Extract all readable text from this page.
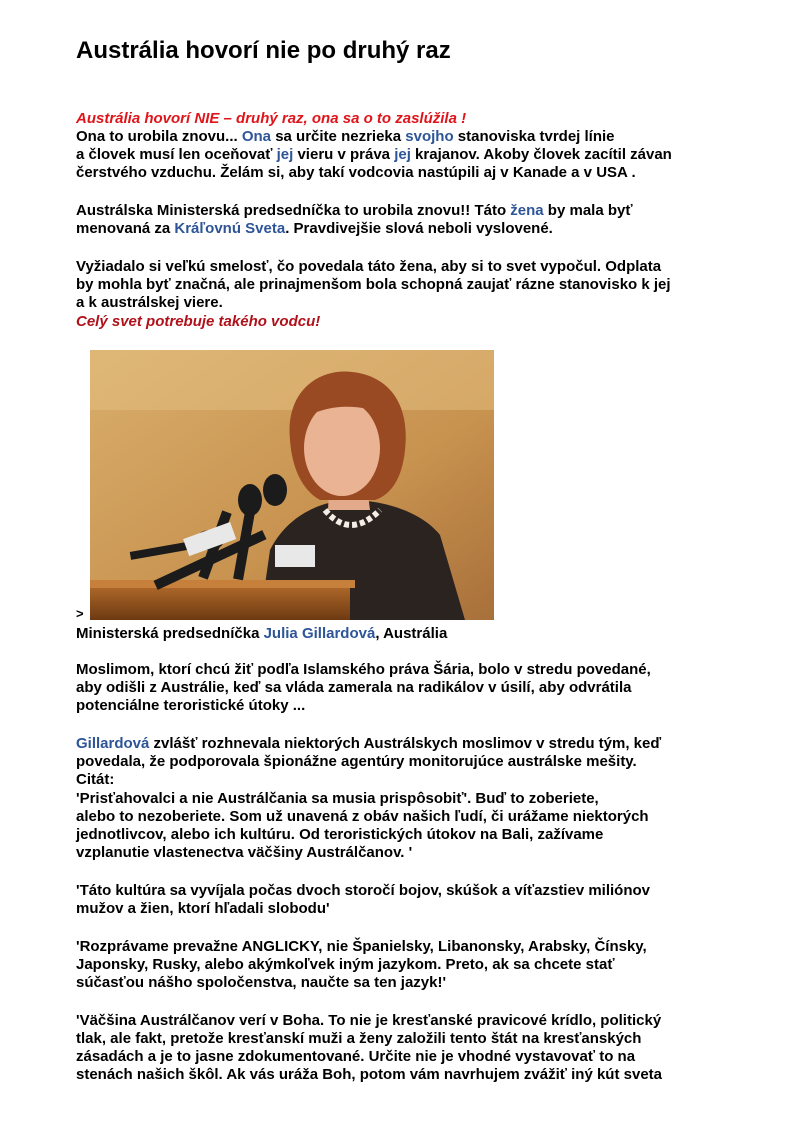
Austrália hovorí nie po druhý raz
Austrália hovorí NIE – druhý raz, ona sa o to zaslúžila !
Ona to urobila znovu... Ona sa určite nezrieka svojho stanoviska tvrdej línie
a človek musí len oceňovať jej vieru v práva jej krajanov. Akoby človek zacítil závan
čerstvého vzduchu. Želám si, aby takí vodcovia nastúpili aj v Kanade a v USA .
Austrálska Ministerská predsedníčka to urobila znovu!! Táto žena by mala byť
menovaná za Kráľovnú Sveta. Pravdivejšie slová neboli vyslovené.
Vyžiadalo si veľkú smelosť, čo povedala táto žena, aby si to svet vypočul. Odplata
by mohla byť značná, ale prinajmenšom bola schopná zaujať rázne stanovisko k jej
a k austrálskej viere.
Celý svet potrebuje takého vodcu!
>
Ministerská predsedníčka Julia Gillardová, Austrália
Moslimom, ktorí chcú žiť podľa Islamského práva Šária, bolo v stredu povedané,
aby odišli z Austrálie, keď sa vláda zamerala na radikálov v úsilí, aby odvrátila
potenciálne teroristické útoky ...
Gillardová zvlášť rozhnevala niektorých Austrálskych moslimov v stredu tým, keď
povedala, že podporovala špionážne agentúry monitorujúce austrálske mešity.
Citát:
'Prisťahovalci a nie Austrálčania sa musia prispôsobiť'. Buď to zoberiete,
alebo to nezoberiete. Som už unavená z obáv našich ľudí, či urážame niektorých
jednotlivcov, alebo ich kultúru. Od teroristických útokov na Bali, zažívame
vzplanutie vlastenectva väčšiny Austrálčanov. '
'Táto kultúra sa vyvíjala počas dvoch storočí bojov, skúšok a víťazstiev miliónov
mužov a žien, ktorí hľadali slobodu'
'Rozprávame prevažne ANGLICKY, nie Španielsky, Libanonsky, Arabsky, Čínsky,
Japonsky, Rusky, alebo akýmkoľvek iným jazykom. Preto, ak sa chcete stať
súčasťou nášho spoločenstva, naučte sa ten jazyk!'
'Väčšina Austrálčanov verí v Boha. To nie je kresťanské pravicové krídlo, politický
tlak, ale fakt, pretože kresťanskí muži a ženy založili tento štát na kresťanských
zásadách a je to jasne zdokumentované. Určite nie je vhodné vystavovať to na
stenách našich škôl. Ak vás uráža Boh, potom vám navrhujem zvážiť iný kút sveta
